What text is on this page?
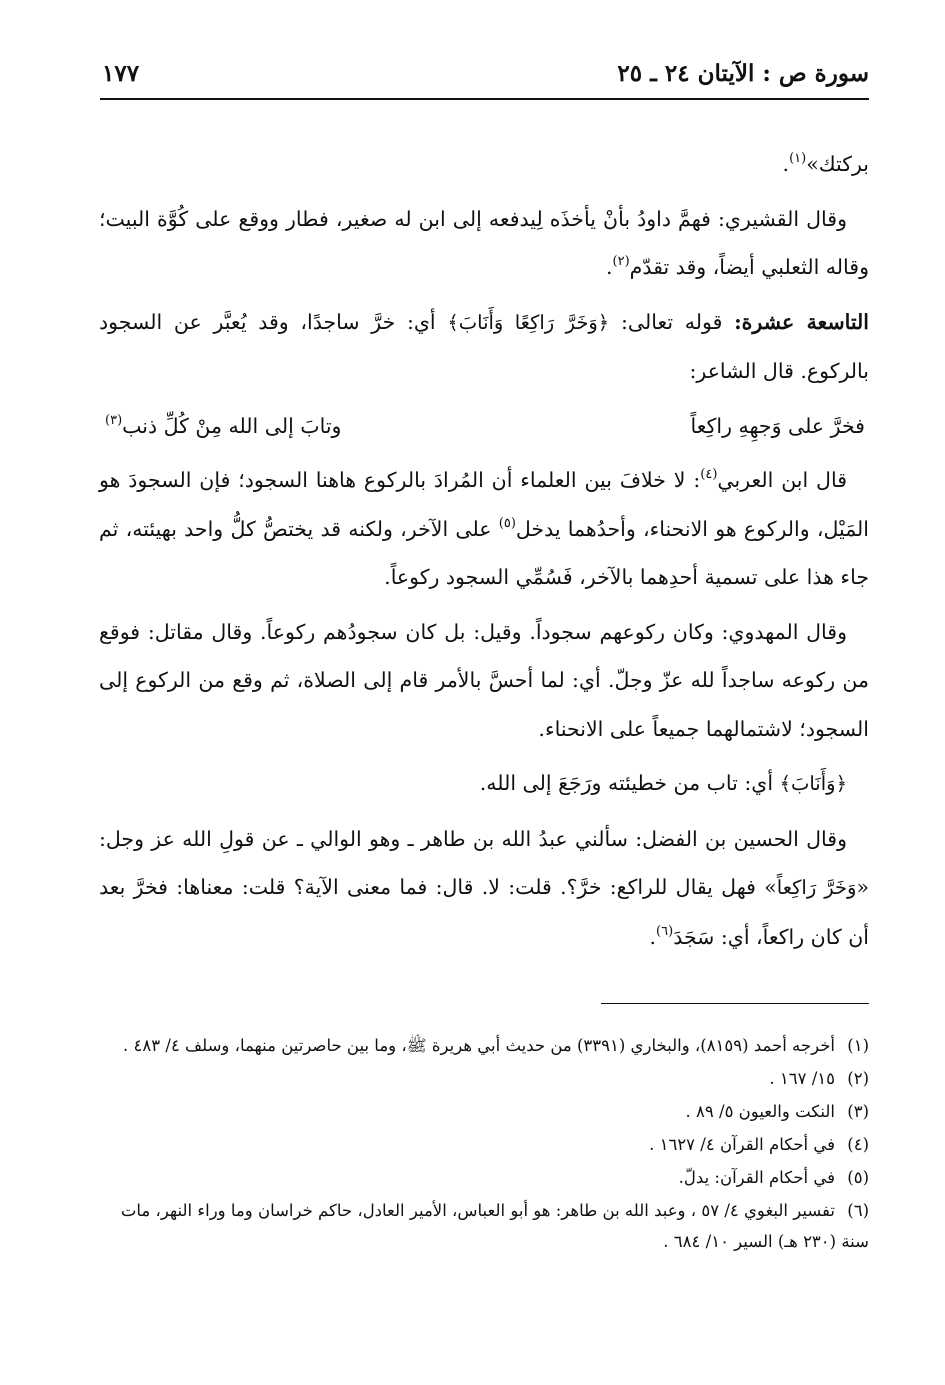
سورة ص : الآيتان ٢٤ ـ ٢٥
١٧٧

بركتك»$^{(١)}$.

وقال القشيري: فهمَّ داودُ بأنْ يأخذَه لِيدفعه إلى ابن له صغير، فطار ووقع على كُوَّة البيت؛ وقاله الثعلبي أيضاً، وقد تقدّم$^{(٢)}$.

التاسعة عشرة: قوله تعالى: ﴿وَخَرَّ رَاكِعًا وَأَنَابَ﴾ أي: خرَّ ساجدًا، وقد يُعبَّر عن السجود بالركوع. قال الشاعر:

فخرَّ على وَجهِهِ راكِعاً
وتابَ إلى الله مِنْ كُلِّ ذنب$^{(٣)}$

قال ابن العربي$^{(٤)}$: لا خلافَ بين العلماء أن المُرادَ بالركوع هاهنا السجود؛ فإن السجودَ هو المَيْل، والركوع هو الانحناء، وأحدُهما يدخل$^{(٥)}$ على الآخر، ولكنه قد يختصُّ كلُّ واحد بهيئته، ثم جاء هذا على تسمية أحدِهما بالآخر، فَسُمِّي السجود ركوعاً.

وقال المهدوي: وكان ركوعهم سجوداً. وقيل: بل كان سجودُهم ركوعاً. وقال مقاتل: فوقع من ركوعه ساجداً لله عزّ وجلّ. أي: لما أحسَّ بالأمر قام إلى الصلاة، ثم وقع من الركوع إلى السجود؛ لاشتمالهما جميعاً على الانحناء.

﴿وَأَنَابَ﴾ أي: تاب من خطيئته ورَجَعَ إلى الله.

وقال الحسين بن الفضل: سألني عبدُ الله بن طاهر ـ وهو الوالي ـ عن قولِ الله عز وجل: «وَخَرَّ رَاكِعاً» فهل يقال للراكع: خرَّ؟. قلت: لا. قال: فما معنى الآية؟ قلت: معناها: فخرَّ بعد أن كان راكعاً، أي: سَجَدَ$^{(٦)}$.

(١)أخرجه أحمد (٨١٥٩)، والبخاري (٣٣٩١) من حديث أبي هريرة ﷺ، وما بين حاصرتين منهما، وسلف ٤/ ٤٨٣ .

(٢)١٥/ ١٦٧ .

(٣)النكت والعيون ٥/ ٨٩ .

(٤)في أحكام القرآن ٤/ ١٦٢٧ .

(٥)في أحكام القرآن: يدلّ.

(٦)تفسير البغوي ٤/ ٥٧ ، وعبد الله بن طاهر: هو أبو العباس، الأمير العادل، حاكم خراسان وما وراء النهر، مات سنة (٢٣٠ هـ) السير ١٠/ ٦٨٤ .
